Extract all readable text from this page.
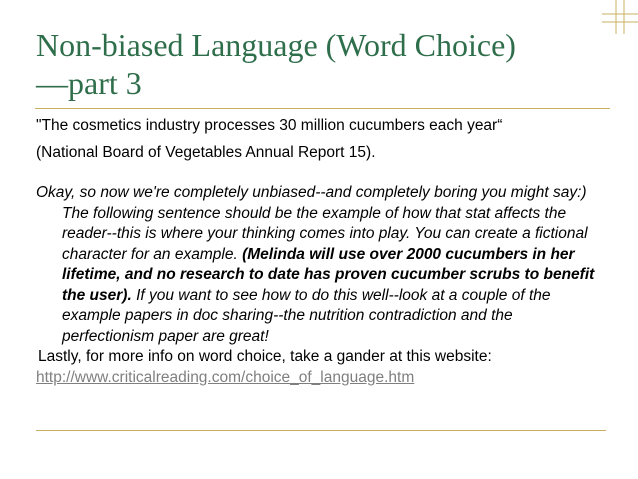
Non-biased Language (Word Choice)
—part 3
"The cosmetics industry processes 30 million cucumbers each year“
(National Board of Vegetables Annual Report 15).
Okay, so now we're completely unbiased--and completely boring you might say:) The following sentence should be the example of how that stat affects the reader--this is where your thinking comes into play. You can create a fictional character for an example. (Melinda will use over 2000 cucumbers in her lifetime, and no research to date has proven cucumber scrubs to benefit the user). If you want to see how to do this well--look at a couple of the example papers in doc sharing--the nutrition contradiction and the perfectionism paper are great!
Lastly, for more info on word choice, take a gander at this website:
http://www.criticalreading.com/choice_of_language.htm
